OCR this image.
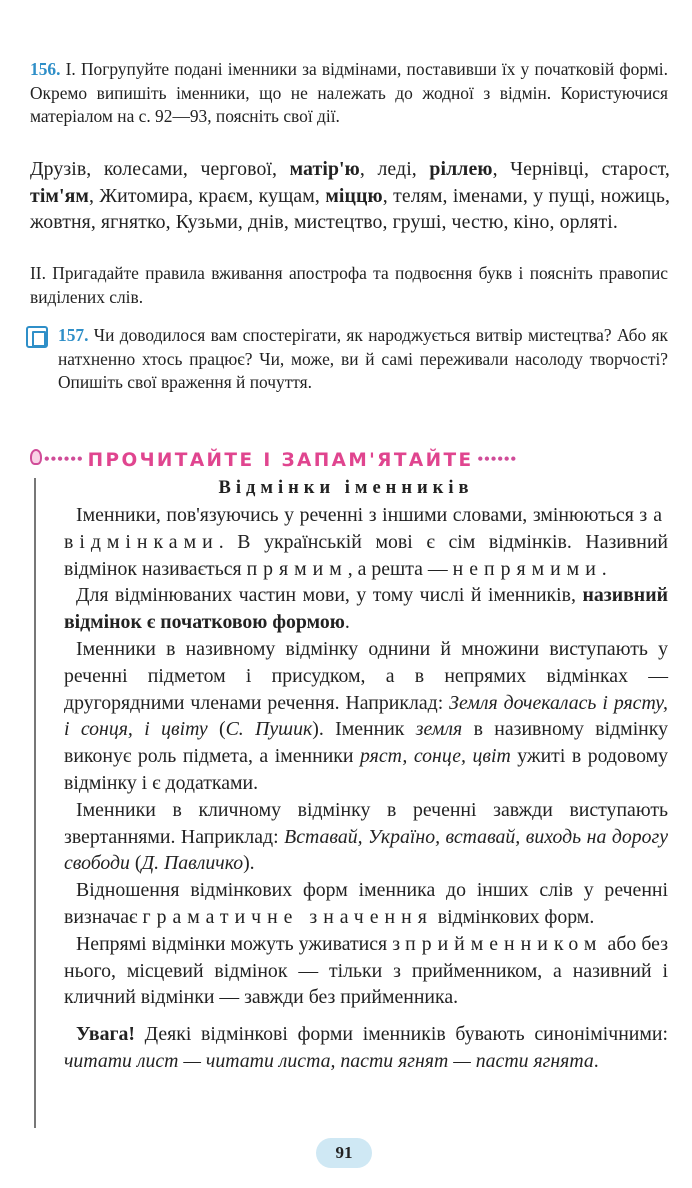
156. І. Погрупуйте подані іменники за відмінами, поставивши їх у початковій формі. Окремо випишіть іменники, що не належать до жодної з відмін. Користуючися матеріалом на с. 92—93, поясніть свої дії.
Друзів, колесами, чергової, матір'ю, леді, ріллею, Чернівці, старост, тім'ям, Житомира, краєм, кущам, міццю, телям, іменами, у пущі, ножиць, жовтня, ягнятко, Кузьми, днів, мистецтво, груші, честю, кіно, орляті.
ІІ. Пригадайте правила вживання апострофа та подвоєння букв і поясніть правопис виділених слів.
157. Чи доводилося вам спостерігати, як народжується витвір мистецтва? Або як натхненно хтось працює? Чи, може, ви й самі переживали насолоду творчості? Опишіть свої враження й почуття.
•••••• ПРОЧИТАЙТЕ І ЗАПАМ'ЯТАЙТЕ ••••••
Відмінки іменників

Іменники, пов'язуючись у реченні з іншими словами, змінюються за відмінками. В українській мові є сім відмінків. Називний відмінок називається прямим, а решта — непрямими.

Для відмінюваних частин мови, у тому числі й іменників, називний відмінок є початковою формою.

Іменники в називному відмінку однини й множини виступають у реченні підметом і присудком, а в непрямих відмінках — другорядними членами речення. Наприклад: Земля дочекалась і рясту, і сонця, і цвіту (С. Пушик). Іменник земля в називному відмінку виконує роль підмета, а іменники ряст, сонце, цвіт ужиті в родовому відмінку і є додатками.

Іменники в кличному відмінку в реченні завжди виступають звертаннями. Наприклад: Вставай, Україно, вставай, виходь на дорогу свободи (Д. Павличко).

Відношення відмінкових форм іменника до інших слів у реченні визначає граматичне значення відмінкових форм.

Непрямі відмінки можуть уживатися з прийменником або без нього, місцевий відмінок — тільки з прийменником, а називний і кличний відмінки — завжди без прийменника.

Увага! Деякі відмінкові форми іменників бувають синонімічними: читати лист — читати листа, пасти ягнят — пасти ягнята.

91
